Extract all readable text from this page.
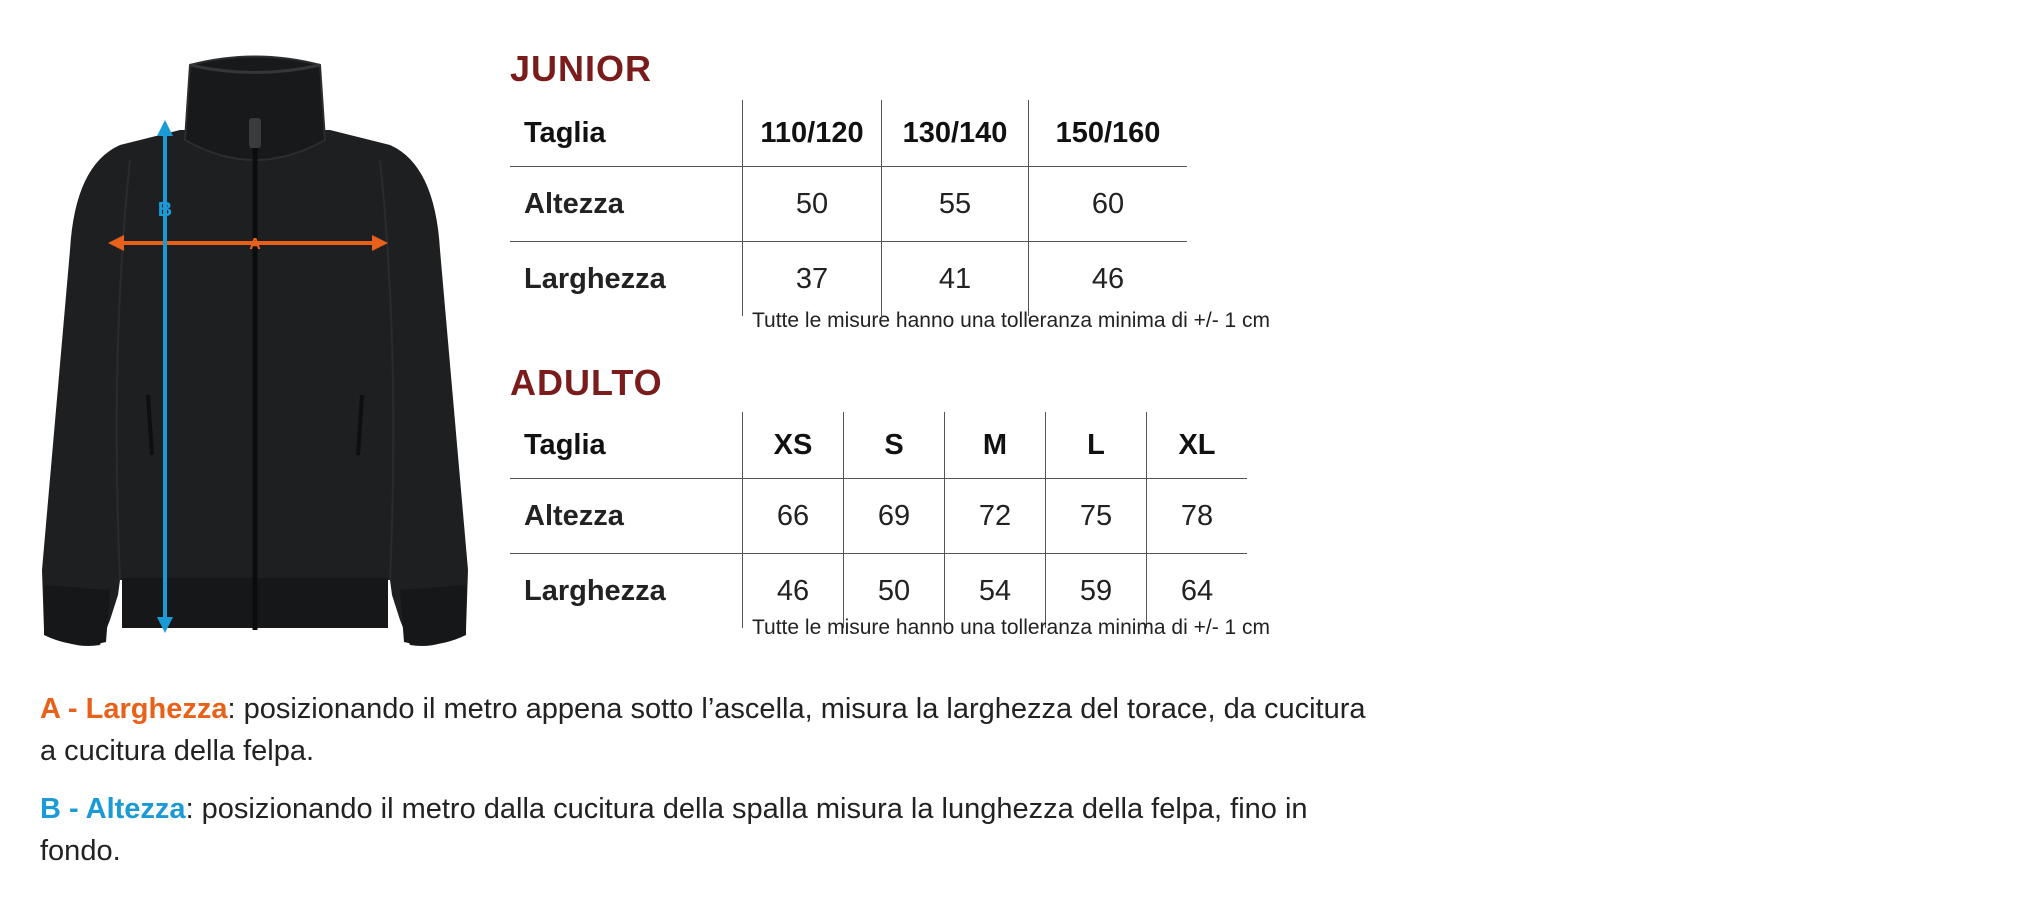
A
B
JUNIOR
Taglia	110/120	130/140	150/160
Altezza	50	55	60
Larghezza	37	41	46

Tutte le misure hanno una tolleranza minima di +/- 1 cm

ADULTO
Taglia	XS	S	M	L	XL
Altezza	66	69	72	75	78
Larghezza	46	50	54	59	64

Tutte le misure hanno una tolleranza minima di +/- 1 cm

A - Larghezza: posizionando il metro appena sotto l’ascella, misura la larghezza del torace, da cucitura a cucitura della felpa.

B - Altezza: posizionando il metro dalla cucitura della spalla misura la lunghezza della felpa, fino in fondo.
